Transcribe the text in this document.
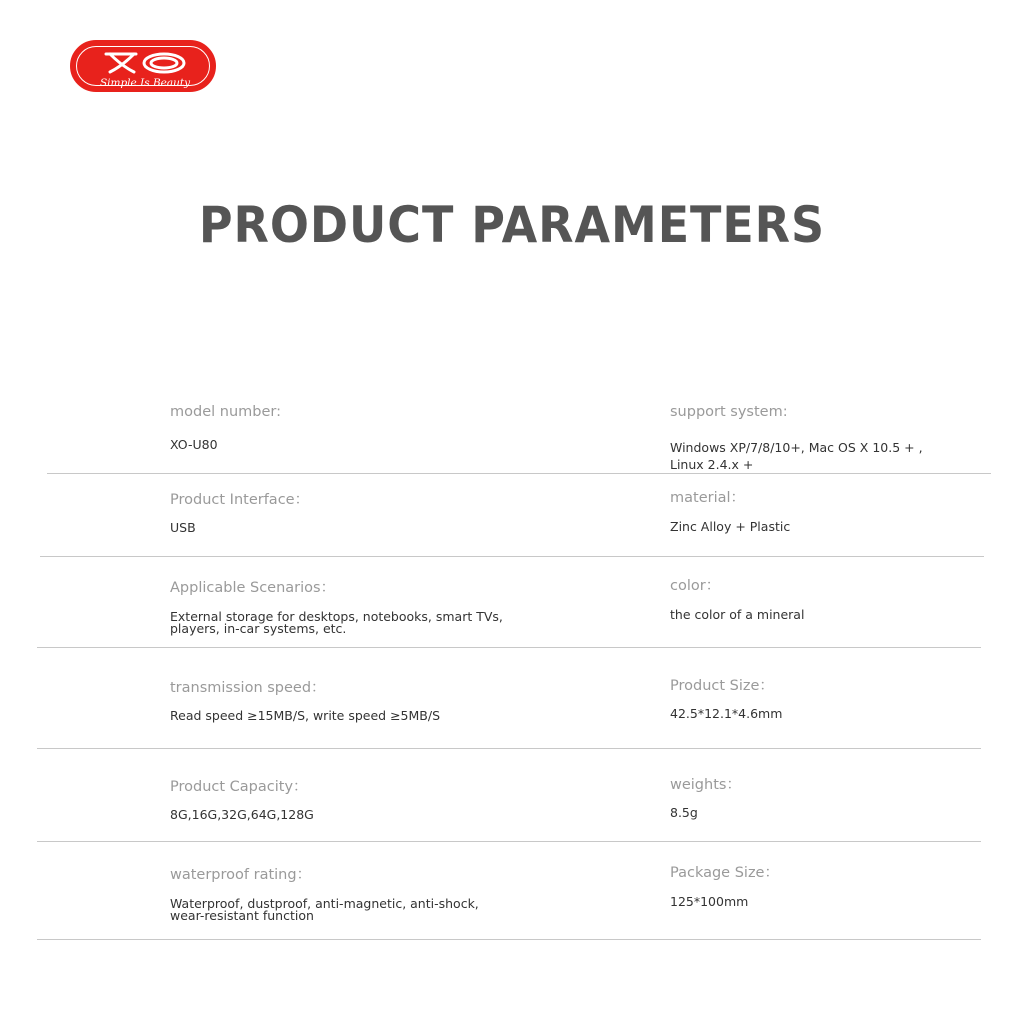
Simple Is Beauty
PRODUCT PARAMETERS
model number:
XO-U80
support system:
Windows XP/7/8/10+, Mac OS X 10.5 + ,
Linux 2.4.x +
Product Interface：
USB
material：
Zinc Alloy + Plastic
Applicable Scenarios：
External storage for desktops, notebooks, smart TVs,
players, in-car systems, etc.
color：
the color of a mineral
transmission speed：
Read speed ≥15MB/S, write speed ≥5MB/S
Product Size：
42.5*12.1*4.6mm
Product Capacity：
8G,16G,32G,64G,128G
weights：
8.5g
waterproof rating：
Waterproof, dustproof, anti-magnetic, anti-shock,
wear-resistant function
Package Size：
125*100mm
